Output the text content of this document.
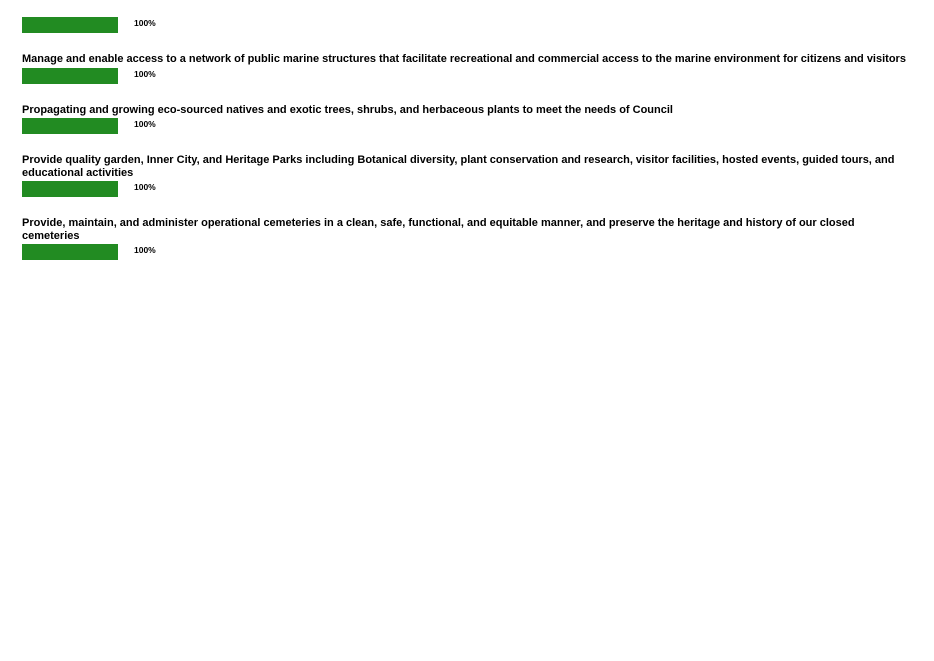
100%
Manage and enable access to a network of public marine structures that facilitate recreational and commercial access to the marine environment for citizens and visitors
100%
Propagating and growing eco-sourced natives and exotic trees, shrubs, and herbaceous plants to meet the needs of Council
100%
Provide quality garden, Inner City, and Heritage Parks including Botanical diversity, plant conservation and research, visitor facilities, hosted events, guided tours, and educational activities
100%
Provide, maintain, and administer operational cemeteries in a clean, safe, functional, and equitable manner, and preserve the heritage and history of our closed cemeteries
100%
